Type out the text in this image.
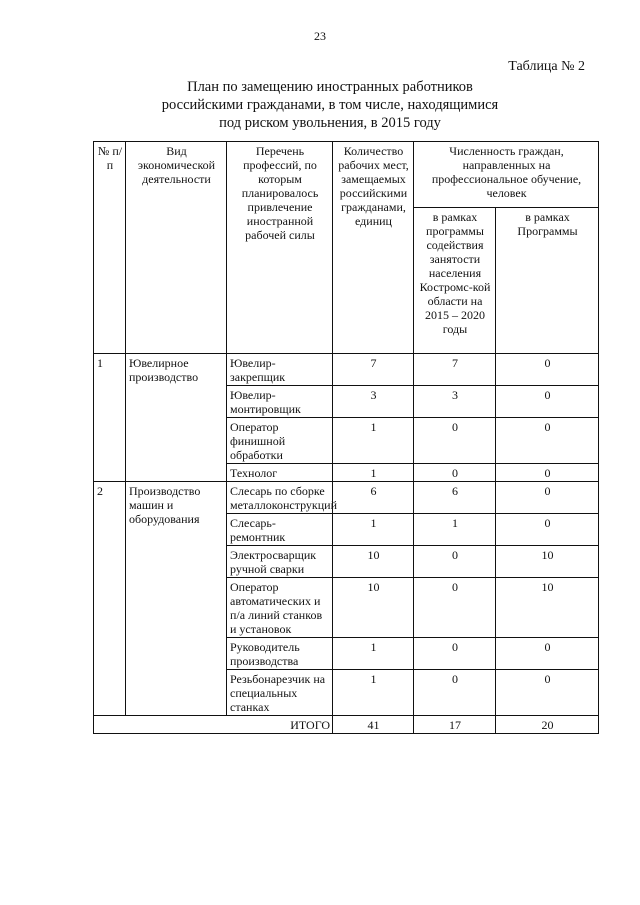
23
Таблица № 2
План по замещению иностранных работников
российскими гражданами, в том числе, находящимися
под риском увольнения, в 2015 году
№ п/п	Вид экономической деятельности	Перечень профессий, по которым планировалось привлечение иностранной рабочей силы	Количество рабочих мест, замещаемых российскими гражданами, единиц	Численность граждан, направленных на профессиональное обучение, человек	
				в рамках программы содействия занятости населения Костромс-кой области на 2015 – 2020 годы	в рамках Программы
1	Ювелирное производство	Ювелир-закрепщик	7	7	0
		Ювелир-монтировщик	3	3	0
		Оператор финишной обработки	1	0	0
		Технолог	1	0	0
2	Производство машин и оборудования	Слесарь по сборке металлоконструкций	6	6	0
		Слесарь-ремонтник	1	1	0
		Электросварщик ручной сварки	10	0	10
		Оператор автоматических и п/а линий станков и установок	10	0	10
		Руководитель производства	1	0	0
		Резьбонарезчик на специальных станках	1	0	0
ИТОГО			41	17	20
